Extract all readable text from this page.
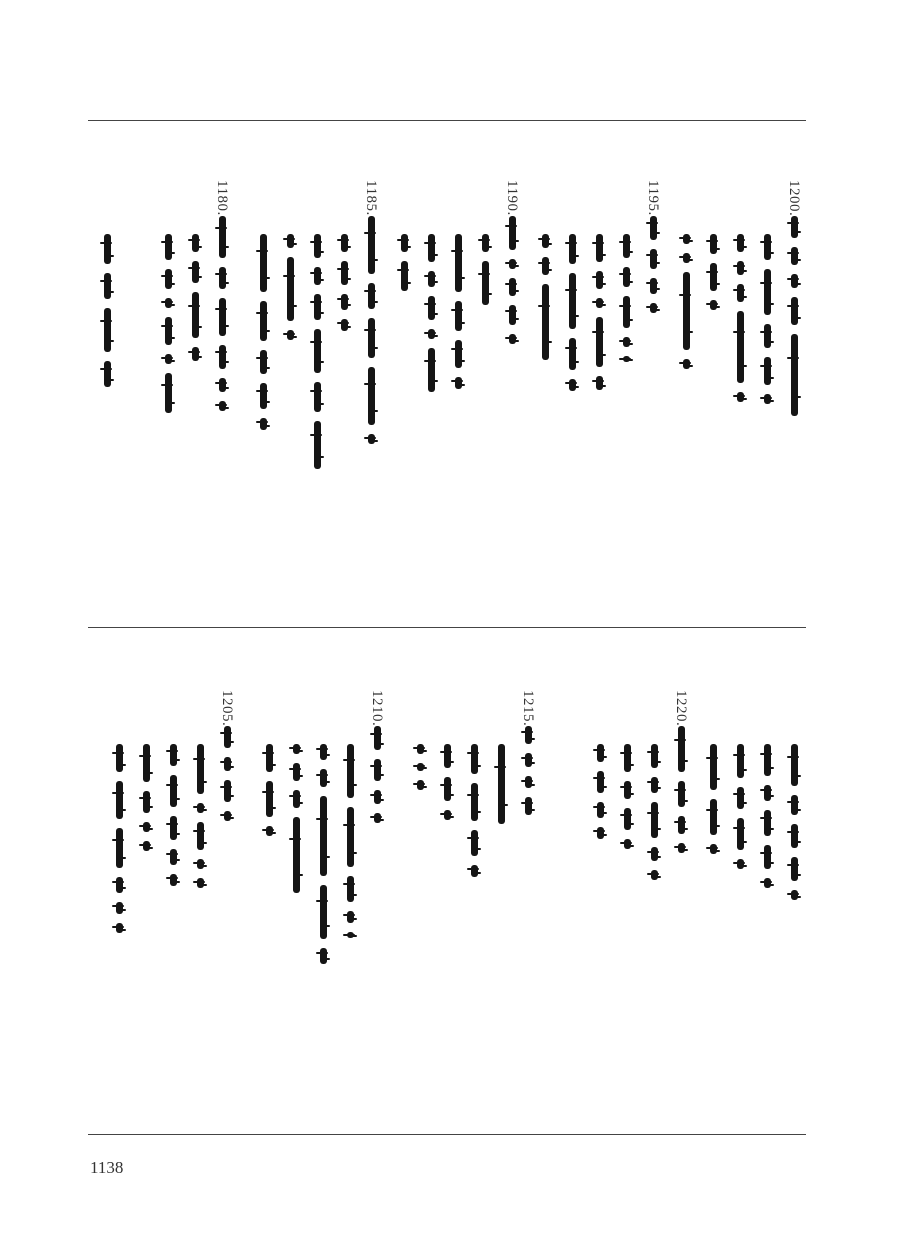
1200.
1195.
1190.
1185.
1180.
1220.
1215.
1210.
1205.
1138
